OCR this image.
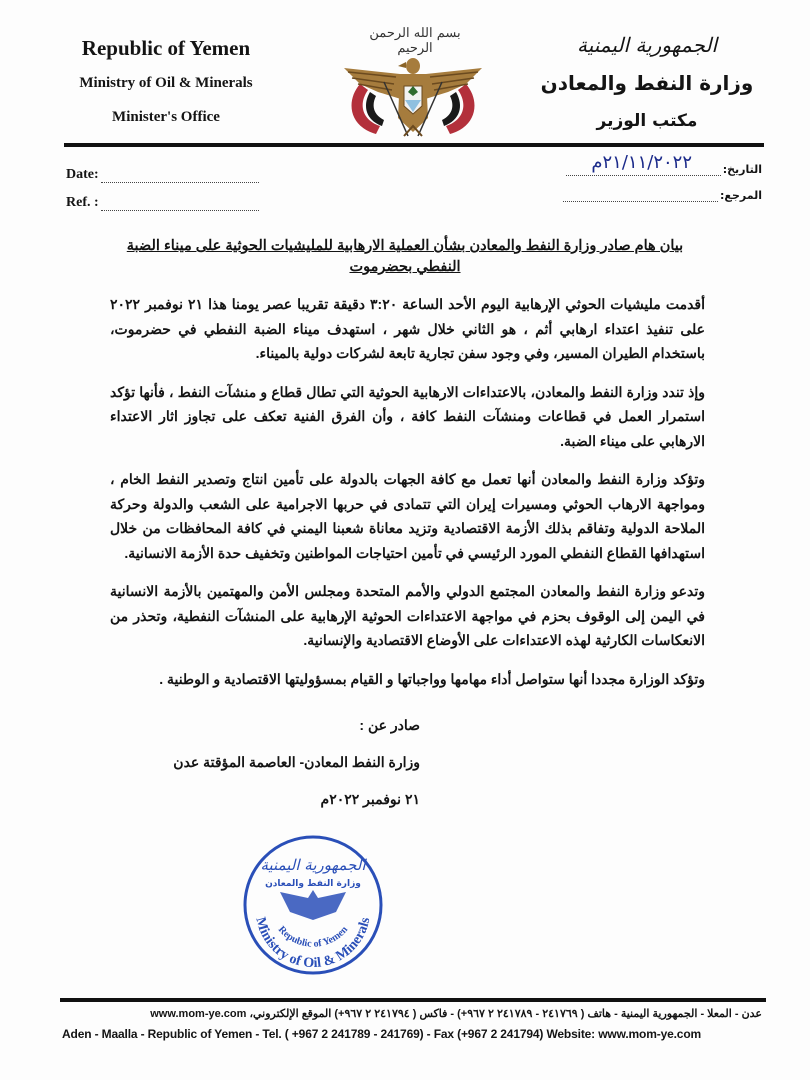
Republic of Yemen
Ministry of Oil & Minerals
Minister's Office
بسم الله الرحمن الرحيم	الجمهورية اليمنية
وزارة النفط والمعادن
مكتب الوزير
Date:
Ref. :
التاريخ:
٢١/١١/٢٠٢٢م
المرجع:
بيان هام صادر وزارة النفط والمعادن بشأن العملية الارهابية للمليشيات الحوثية على ميناء الضبة النفطي بحضرموت

أقدمت مليشيات الحوثي الإرهابية اليوم الأحد الساعة ٣:٢٠ دقيقة تقريبا عصر يومنا هذا ٢١ نوفمبر ٢٠٢٢ على تنفيذ اعتداء ارهابي أثم ، هو الثاني خلال شهر ، استهدف ميناء الضبة النفطي في حضرموت، باستخدام الطيران المسير، وفي وجود سفن تجارية تابعة لشركات دولية بالميناء.

وإذ تندد وزارة النفط والمعادن، بالاعتداءات الارهابية الحوثية التي تطال قطاع و منشآت النفط ، فأنها تؤكد استمرار العمل في قطاعات ومنشآت النفط كافة ، وأن الفرق الفنية تعكف على تجاوز اثار الاعتداء الارهابي على ميناء الضبة.

وتؤكد وزارة النفط والمعادن أنها تعمل مع كافة الجهات بالدولة على تأمين انتاج وتصدير النفط الخام ، ومواجهة الارهاب الحوثي ومسيرات إيران التي تتمادى في حربها الاجرامية على الشعب والدولة وحركة الملاحة الدولية وتفاقم بذلك الأزمة الاقتصادية وتزيد معاناة شعبنا اليمني في كافة المحافظات من خلال استهدافها القطاع النفطي المورد الرئيسي في تأمين احتياجات المواطنين وتخفيف حدة الأزمة الانسانية.

وتدعو وزارة النفط والمعادن المجتمع الدولي والأمم المتحدة ومجلس الأمن والمهتمين بالأزمة الانسانية في اليمن إلى الوقوف بحزم في مواجهة الاعتداءات الحوثية الإرهابية على المنشآت النفطية، وتحذر من الانعكاسات الكارثية لهذه الاعتداءات على الأوضاع الاقتصادية والإنسانية.

وتؤكد الوزارة مجددا أنها ستواصل أداء مهامها وواجباتها و القيام بمسؤوليتها الاقتصادية و الوطنية .

صادر عن :
وزارة النفط المعادن- العاصمة المؤقتة عدن
٢١ نوفمبر ٢٠٢٢م
الجمهورية اليمنية
وزارة النفط والمعادن
Republic of Yemen
Ministry of Oil & Minerals
عدن - المعلا - الجمهورية اليمنية - هاتف ( ٢٤١٧٦٩ - ٢٤١٧٨٩ ٢ ٩٦٧+) - فاكس ( ٢٤١٧٩٤ ٢ ٩٦٧+) الموقع الإلكتروني، www.mom-ye.com
Aden - Maalla - Republic of Yemen - Tel. ( +967 2 241789 - 241769) - Fax (+967 2 241794) Website: www.mom-ye.com
